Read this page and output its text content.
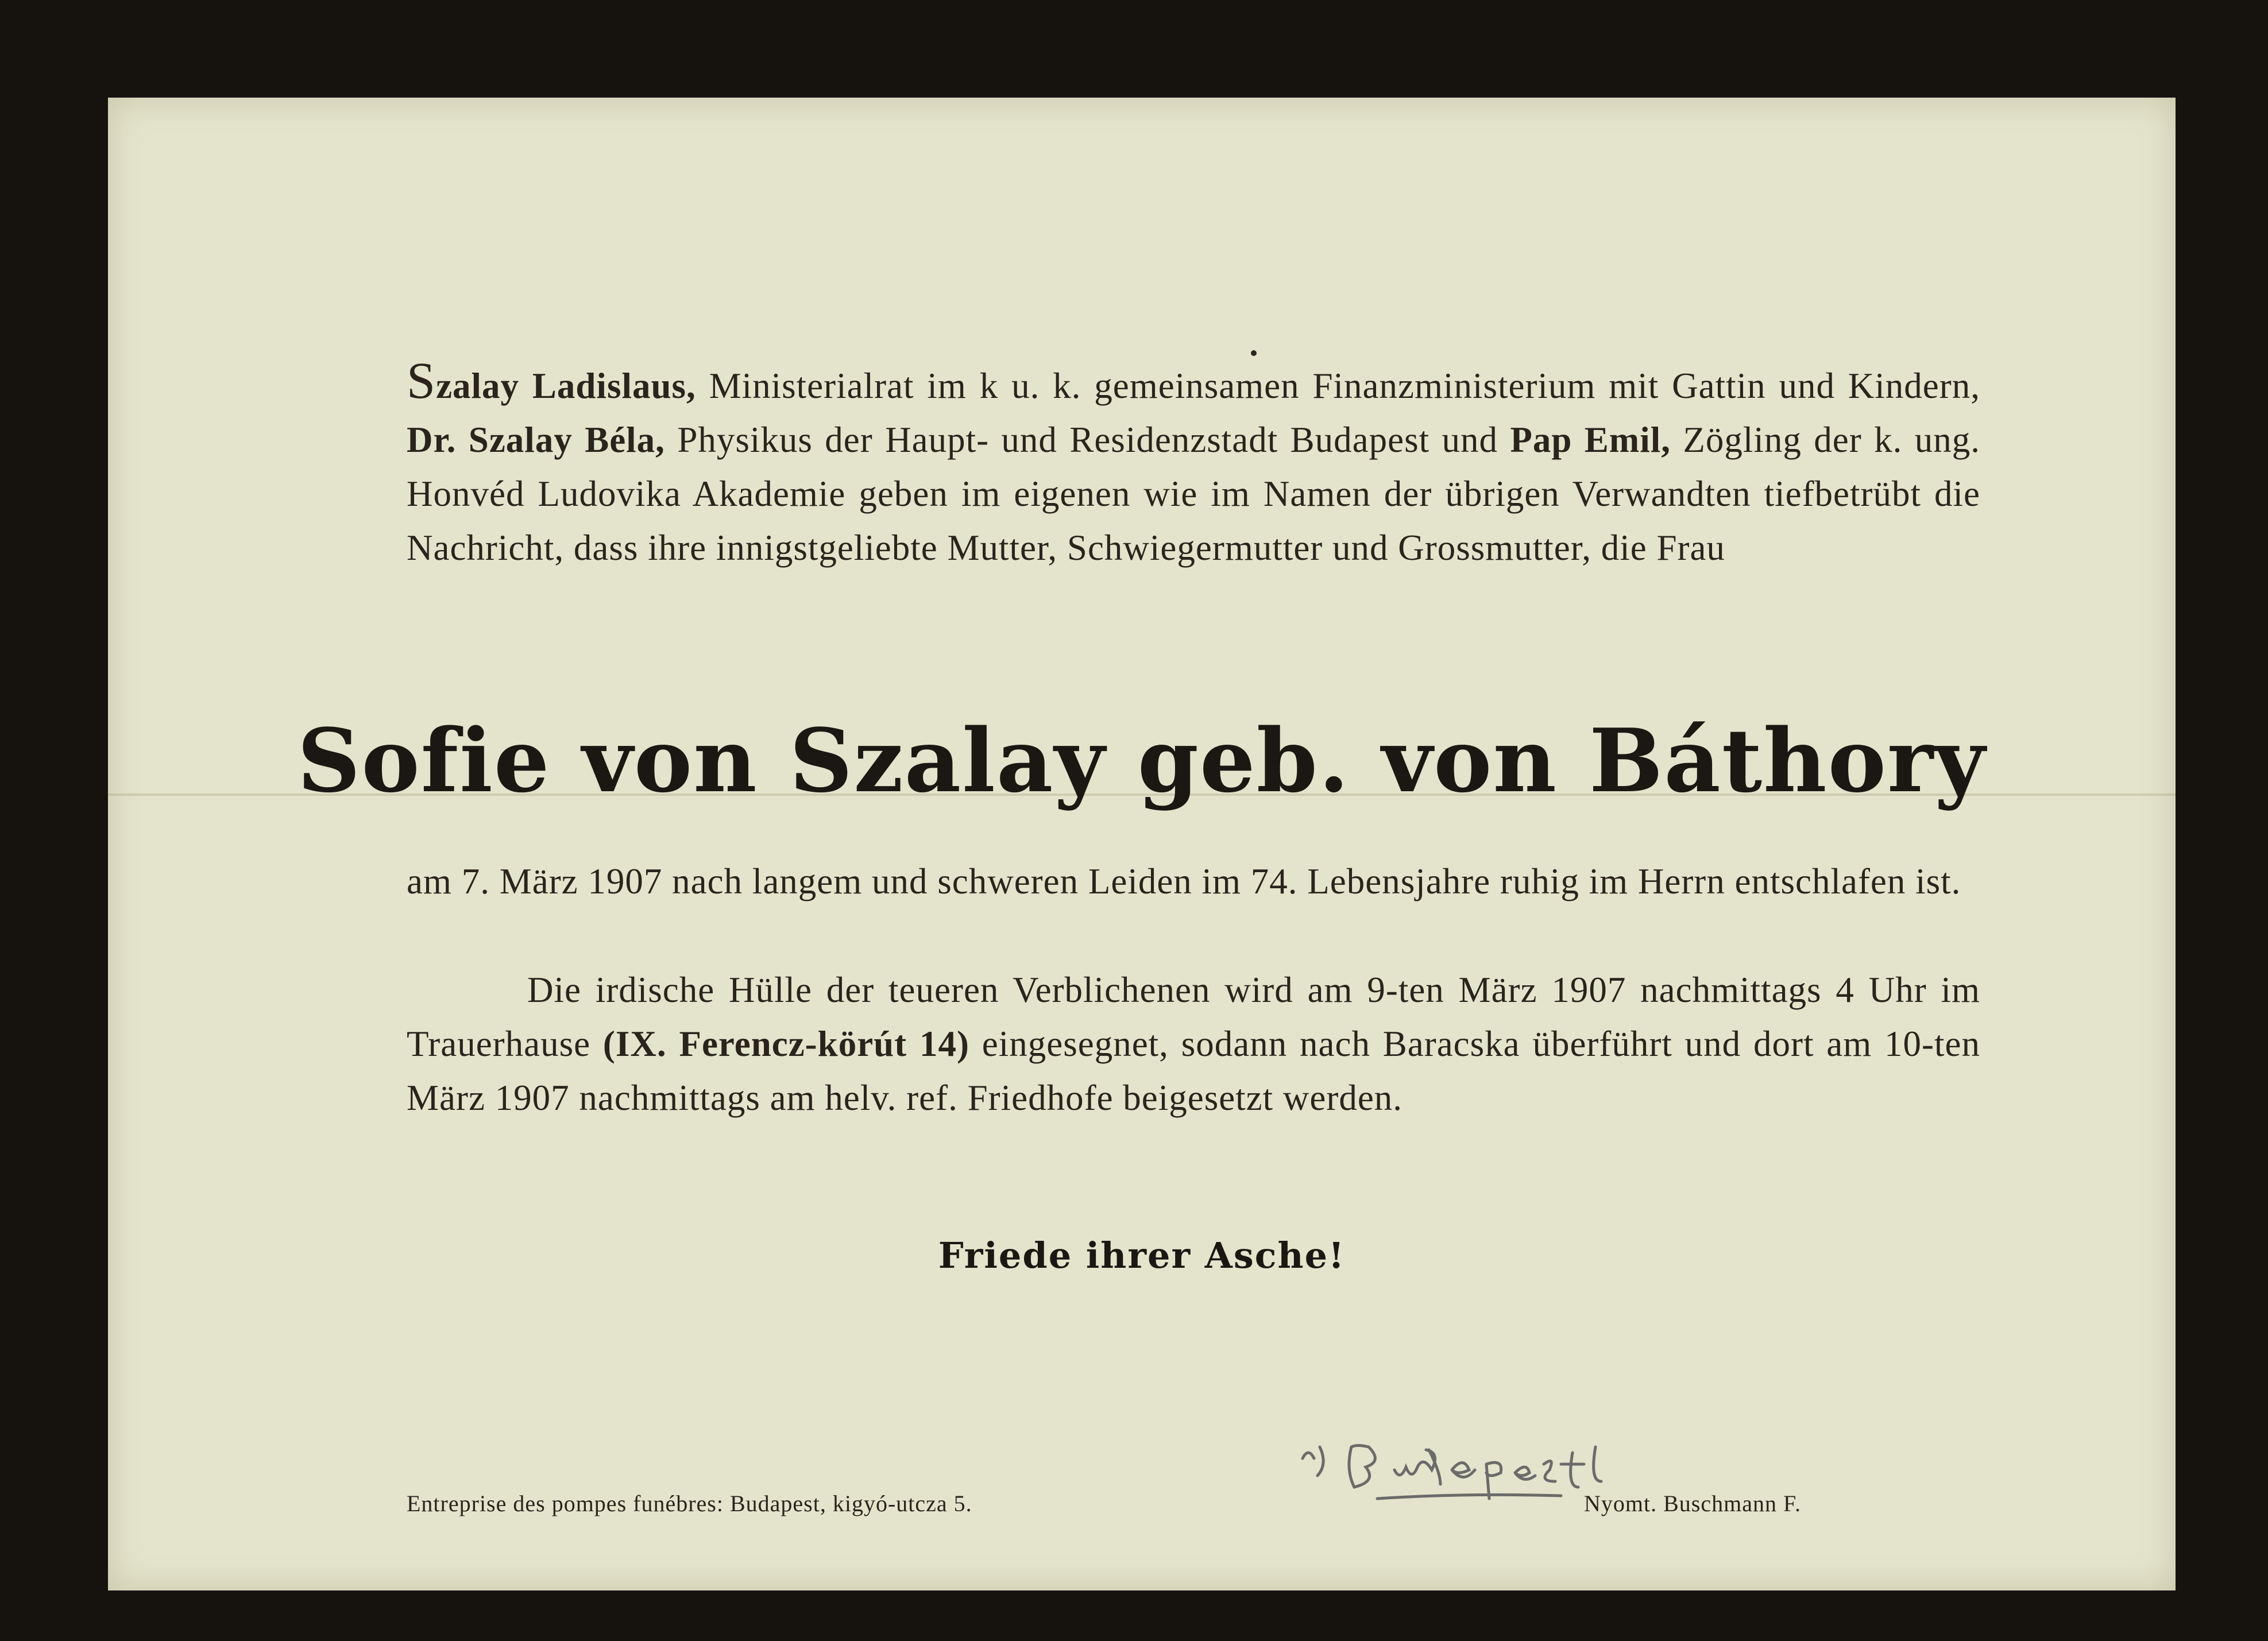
Szalay Ladislaus, Ministerialrat im k u. k. gemeinsamen Finanzministerium mit Gattin und Kindern, Dr. Szalay Béla, Physikus der Haupt- und Residenzstadt Budapest und Pap Emil, Zögling der k. ung. Honvéd Ludovika Akademie geben im eigenen wie im Namen der übrigen Verwandten tiefbetrübt die Nachricht, dass ihre innigstgeliebte Mutter, Schwiegermutter und Grossmutter, die Frau

Sofie von Szalay geb. von Báthory

am 7. März 1907 nach langem und schweren Leiden im 74. Lebensjahre ruhig im Herrn entschlafen ist.

Die irdische Hülle der teueren Verblichenen wird am 9-ten März 1907 nachmittags 4 Uhr im Trauerhause (IX. Ferencz-körút 14) eingesegnet, sodann nach Baracska überführt und dort am 10-ten März 1907 nachmittags am helv. ref. Friedhofe beigesetzt werden.

Friede ihrer Asche!

*) Budapest

Entreprise des pompes funébres: Budapest, kigyó-utcza 5.	Nyomt. Buschmann F.
